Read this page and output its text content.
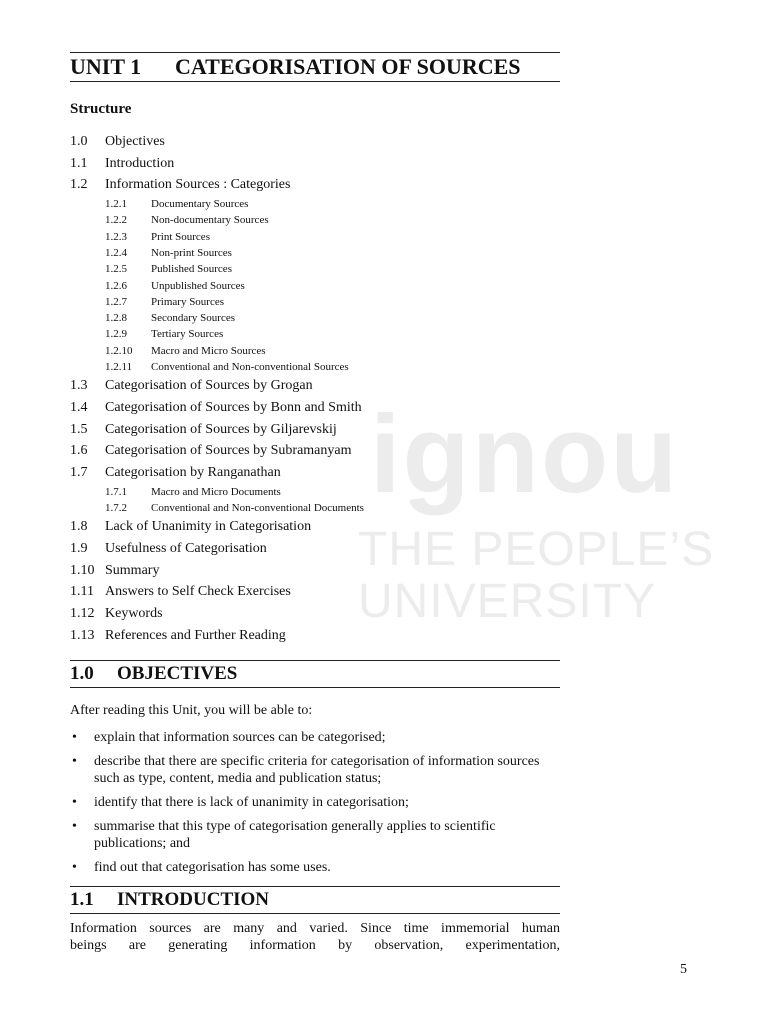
ignou
THE PEOPLE’S
UNIVERSITY
UNIT 1 CATEGORISATION OF SOURCES
Structure
1.0 Objectives
1.1 Introduction
1.2 Information Sources : Categories
1.2.1 Documentary Sources
1.2.2 Non-documentary Sources
1.2.3 Print Sources
1.2.4 Non-print Sources
1.2.5 Published Sources
1.2.6 Unpublished Sources
1.2.7 Primary Sources
1.2.8 Secondary Sources
1.2.9 Tertiary Sources
1.2.10 Macro and Micro Sources
1.2.11 Conventional and Non-conventional Sources
1.3 Categorisation of Sources by Grogan
1.4 Categorisation of Sources by Bonn and Smith
1.5 Categorisation of Sources by Giljarevskij
1.6 Categorisation of Sources by Subramanyam
1.7 Categorisation by Ranganathan
1.7.1 Macro and Micro Documents
1.7.2 Conventional and Non-conventional Documents
1.8 Lack of Unanimity in Categorisation
1.9 Usefulness of Categorisation
1.10 Summary
1.11 Answers to Self Check Exercises
1.12 Keywords
1.13 References and Further Reading
1.0 OBJECTIVES
After reading this Unit, you will be able to:
• explain that information sources can be categorised;
• describe that there are specific criteria for categorisation of information sources such as type, content, media and publication status;
• identify that there is lack of unanimity in categorisation;
• summarise that this type of categorisation generally applies to scientific publications; and
• find out that categorisation has some uses.
1.1 INTRODUCTION
Information sources are many and varied. Since time immemorial human
beings are generating information by observation, experimentation,
5
